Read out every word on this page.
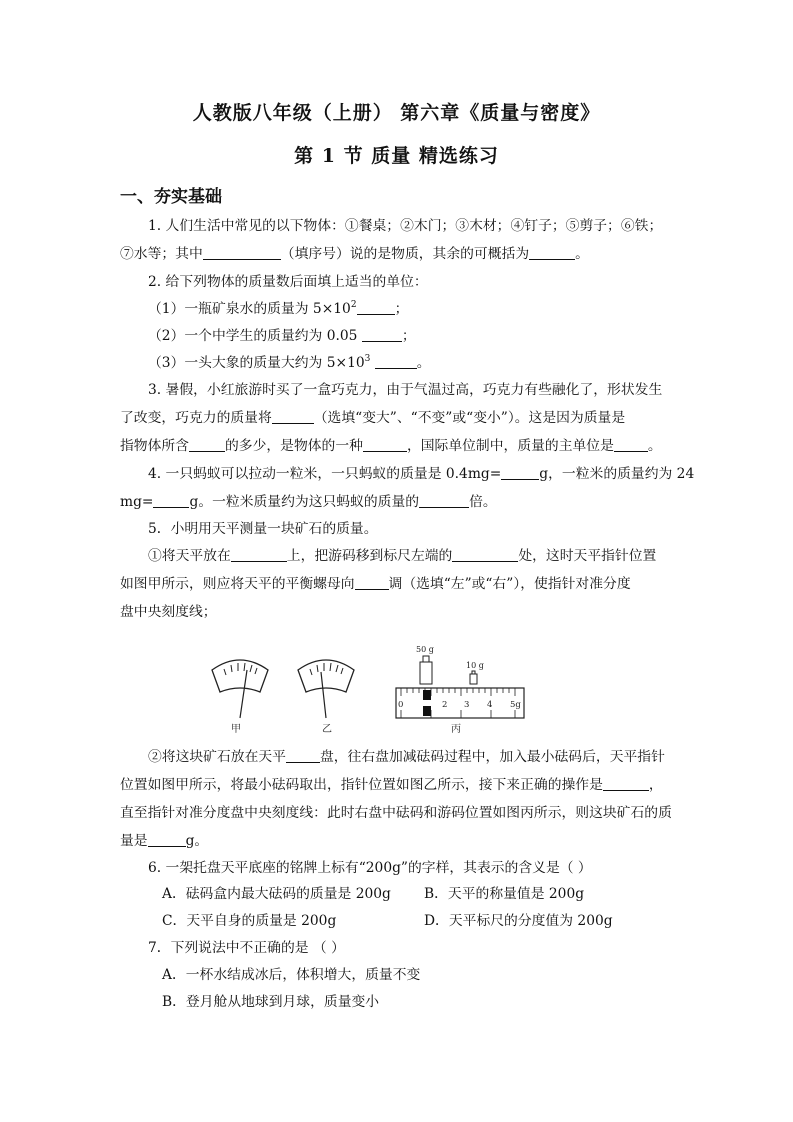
人教版八年级（上册） 第六章《质量与密度》
第 1 节 质量 精选练习
一、夯实基础
1. 人们生活中常见的以下物体：①餐桌；②木门；③木材；④钉子；⑤剪子；⑥铁；
⑦水等；其中	（填序号）说的是物质，其余的可概括为	。
2. 给下列物体的质量数后面填上适当的单位：
（1）一瓶矿泉水的质量为 $5\times 10^2$	；
（2）一个中学生的质量约为 0.05	；
（3）一头大象的质量大约为 $5\times 10^3$	。
3. 暑假，小红旅游时买了一盒巧克力，由于气温过高，巧克力有些融化了，形状发生
了改变，巧克力的质量将	（选填“变大”、“不变”或“变小”）。这是因为质量是
指物体所含	的多少，是物体的一种	，国际单位制中，质量的主单位是 。
4. 一只蚂蚁可以拉动一粒米，一只蚂蚁的质量是 0.4mg=	g，一粒米的质量约为 24
mg=	g。一粒米质量约为这只蚂蚁的质量的	倍。
5．小明用天平测量一块矿石的质量。
①将天平放在	上，把游码移到标尺左端的	处，这时天平指针位置
如图甲所示，则应将天平的平衡螺母向 调（选填“左”或“右”），使指针对准分度
盘中央刻度线；
甲	乙
50 g
10 g
0	2 3 4 5g
丙
②将这块矿石放在天平 盘，往右盘加减砝码过程中，加入最小砝码后，天平指针
位置如图甲所示，将最小砝码取出，指针位置如图乙所示，接下来正确的操作是	，
直至指针对准分度盘中央刻度线：此时右盘中砝码和游码位置如图丙所示，则这块矿石的质
量是	g。
6. 一架托盘天平底座的铭牌上标有“200g”的字样，其表示的含义是（ ）
A．砝码盒内最大砝码的质量是 200g B．天平的称量值是 200g
C．天平自身的质量是 200g	D．天平标尺的分度值为 200g
7．下列说法中不正确的是 （ ）
A．一杯水结成冰后，体积增大，质量不变
B．登月舱从地球到月球，质量变小
